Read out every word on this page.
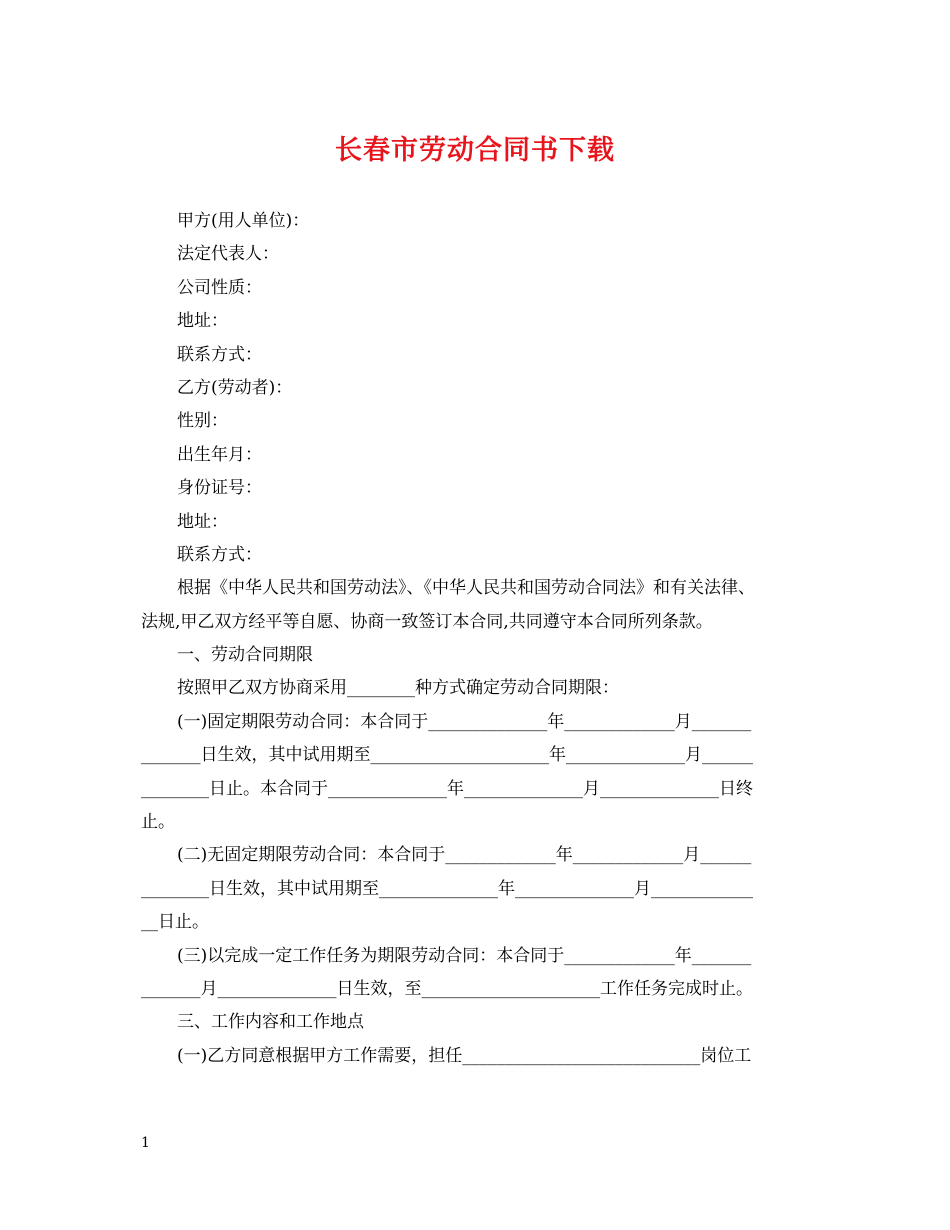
长春市劳动合同书下载
甲方(用人单位)：
法定代表人：
公司性质：
地址：
联系方式：
乙方(劳动者)：
性别：
出生年月：
身份证号：
地址：
联系方式：
根据《中华人民共和国劳动法》、《中华人民共和国劳动合同法》和有关法律、
法规,甲乙双方经平等自愿、协商一致签订本合同,共同遵守本合同所列条款。
一、劳动合同期限
按照甲乙双方协商采用________种方式确定劳动合同期限：
(一)固定期限劳动合同：本合同于______________年_____________月_______
_______日生效，其中试用期至_____________________年______________月______
________日止。本合同于______________年______________月______________日终
止。
(二)无固定期限劳动合同：本合同于_____________年_____________月______
________日生效，其中试用期至______________年______________月____________
__日止。
(三)以完成一定工作任务为期限劳动合同：本合同于_____________年_______
_______月______________日生效，至_____________________工作任务完成时止。
三、工作内容和工作地点
(一)乙方同意根据甲方工作需要，担任____________________________岗位工
1
